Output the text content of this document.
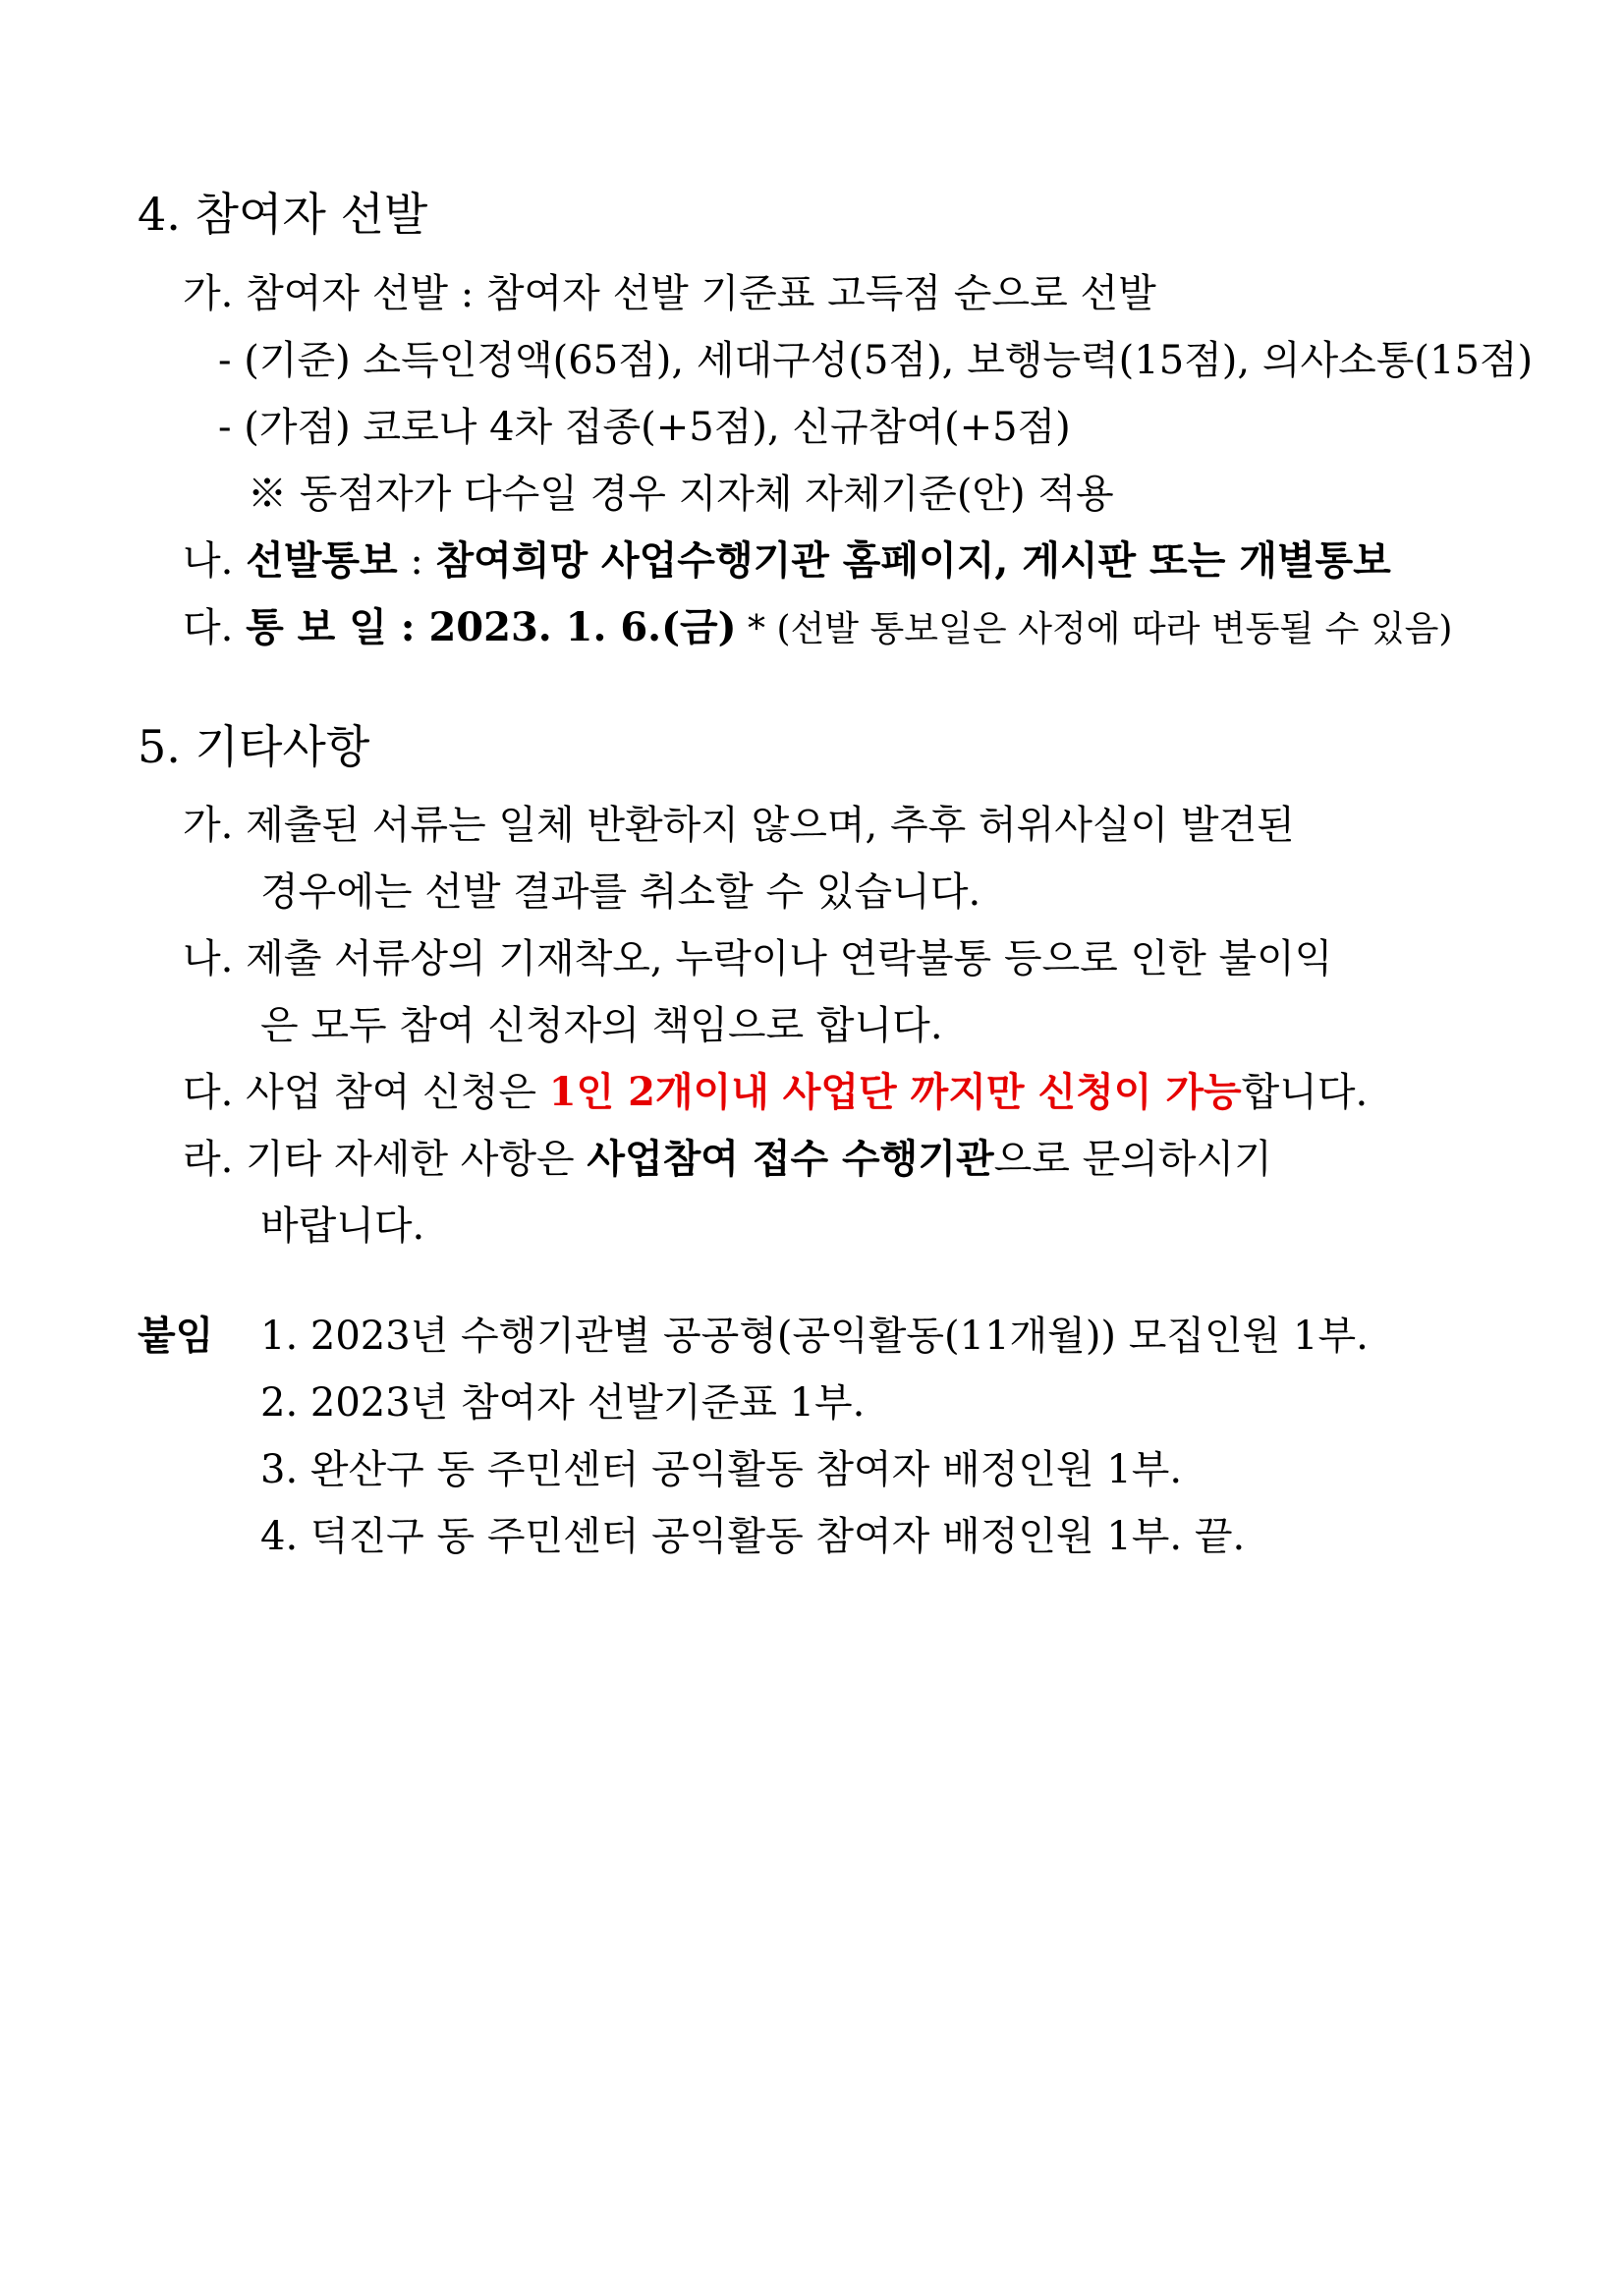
4. 참여자 선발
가. 참여자 선발 : 참여자 선발 기준표 고득점 순으로 선발
- (기준) 소득인정액(65점), 세대구성(5점), 보행능력(15점), 의사소통(15점)
- (가점) 코로나 4차 접종(+5점), 신규참여(+5점)
※ 동점자가 다수일 경우 지자체 자체기준(안) 적용
나. 선발통보 : 참여희망 사업수행기관 홈페이지, 게시판 또는 개별통보
다. 통 보 일 : 2023. 1. 6.(금) * (선발 통보일은 사정에 따라 변동될 수 있음)
5. 기타사항
가. 제출된 서류는 일체 반환하지 않으며, 추후 허위사실이 발견된
경우에는 선발 결과를 취소할 수 있습니다.
나. 제출 서류상의 기재착오, 누락이나 연락불통 등으로 인한 불이익
은 모두 참여 신청자의 책임으로 합니다.
다. 사업 참여 신청은 1인 2개이내 사업단 까지만 신청이 가능합니다.
라. 기타 자세한 사항은 사업참여 접수 수행기관으로 문의하시기
바랍니다.
붙임 1. 2023년 수행기관별 공공형(공익활동(11개월)) 모집인원 1부.
2. 2023년 참여자 선발기준표 1부.
3. 완산구 동 주민센터 공익활동 참여자 배정인원 1부.
4. 덕진구 동 주민센터 공익활동 참여자 배정인원 1부. 끝.
